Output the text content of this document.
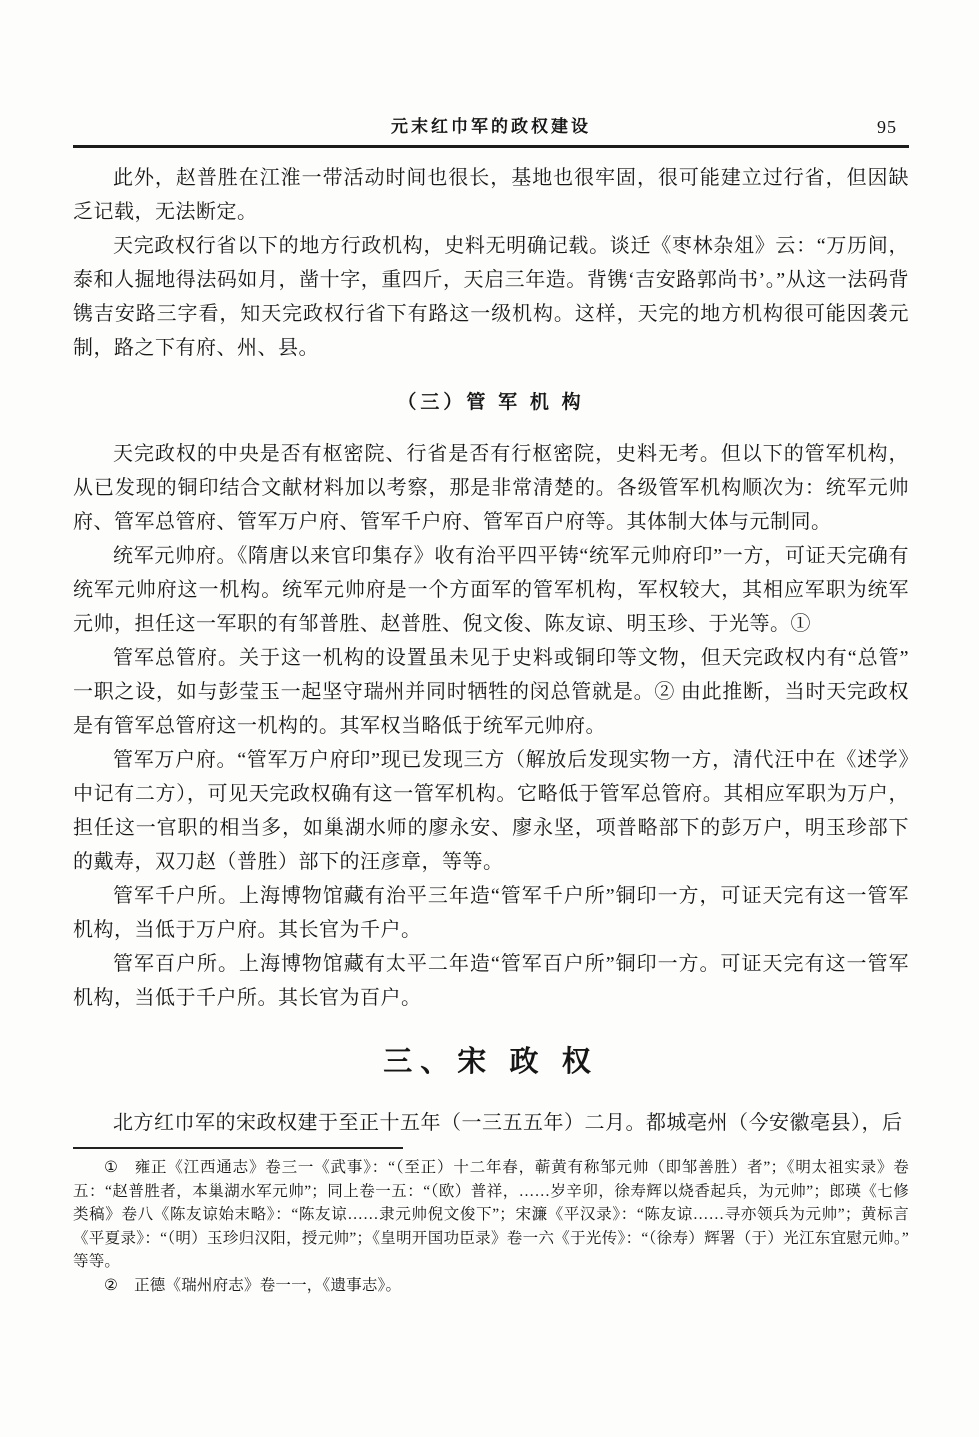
元末红巾军的政权建设	95

此外，赵普胜在江淮一带活动时间也很长，基地也很牢固，很可能建立过行省，但因缺乏记载，无法断定。

天完政权行省以下的地方行政机构，史料无明确记载。谈迁《枣林杂俎》云：“万历间，泰和人掘地得法码如月，凿十字，重四斤，天启三年造。背镌‘吉安路郭尚书’。”从这一法码背镌吉安路三字看，知天完政权行省下有路这一级机构。这样，天完的地方机构很可能因袭元制，路之下有府、州、县。

（三）管 军 机 构

天完政权的中央是否有枢密院、行省是否有行枢密院，史料无考。但以下的管军机构，从已发现的铜印结合文献材料加以考察，那是非常清楚的。各级管军机构顺次为：统军元帅府、管军总管府、管军万户府、管军千户府、管军百户府等。其体制大体与元制同。

统军元帅府。《隋唐以来官印集存》收有治平四平铸“统军元帅府印”一方，可证天完确有统军元帅府这一机构。统军元帅府是一个方面军的管军机构，军权较大，其相应军职为统军元帅，担任这一军职的有邹普胜、赵普胜、倪文俊、陈友谅、明玉珍、于光等。①

管军总管府。关于这一机构的设置虽未见于史料或铜印等文物，但天完政权内有“总管”一职之设，如与彭莹玉一起坚守瑞州并同时牺牲的闵总管就是。② 由此推断，当时天完政权是有管军总管府这一机构的。其军权当略低于统军元帅府。

管军万户府。“管军万户府印”现已发现三方（解放后发现实物一方，清代汪中在《述学》中记有二方），可见天完政权确有这一管军机构。它略低于管军总管府。其相应军职为万户，担任这一官职的相当多，如巢湖水师的廖永安、廖永坚，项普略部下的彭万户，明玉珍部下的戴寿，双刀赵（普胜）部下的汪彦章，等等。

管军千户所。上海博物馆藏有治平三年造“管军千户所”铜印一方，可证天完有这一管军机构，当低于万户府。其长官为千户。

管军百户所。上海博物馆藏有太平二年造“管军百户所”铜印一方。可证天完有这一管军机构，当低于千户所。其长官为百户。

三、宋 政 权

北方红巾军的宋政权建于至正十五年（一三五五年）二月。都城亳州（今安徽亳县），后

① 雍正《江西通志》卷三一《武事》：“（至正）十二年春，蕲黄有称邹元帅（即邹善胜）者”；《明太祖实录》卷五：“赵普胜者，本巢湖水军元帅”；同上卷一五：“（欧）普祥，……岁辛卯，徐寿辉以烧香起兵，为元帅”；郎瑛《七修类稿》卷八《陈友谅始末略》：“陈友谅……隶元帅倪文俊下”；宋濂《平汉录》：“陈友谅……寻亦领兵为元帅”；黄标言《平夏录》：“（明）玉珍归汉阳，授元帅”；《皇明开国功臣录》卷一六《于光传》：“（徐寿）辉署（于）光江东宜慰元帅。”等等。

② 正德《瑞州府志》卷一一，《遗事志》。
